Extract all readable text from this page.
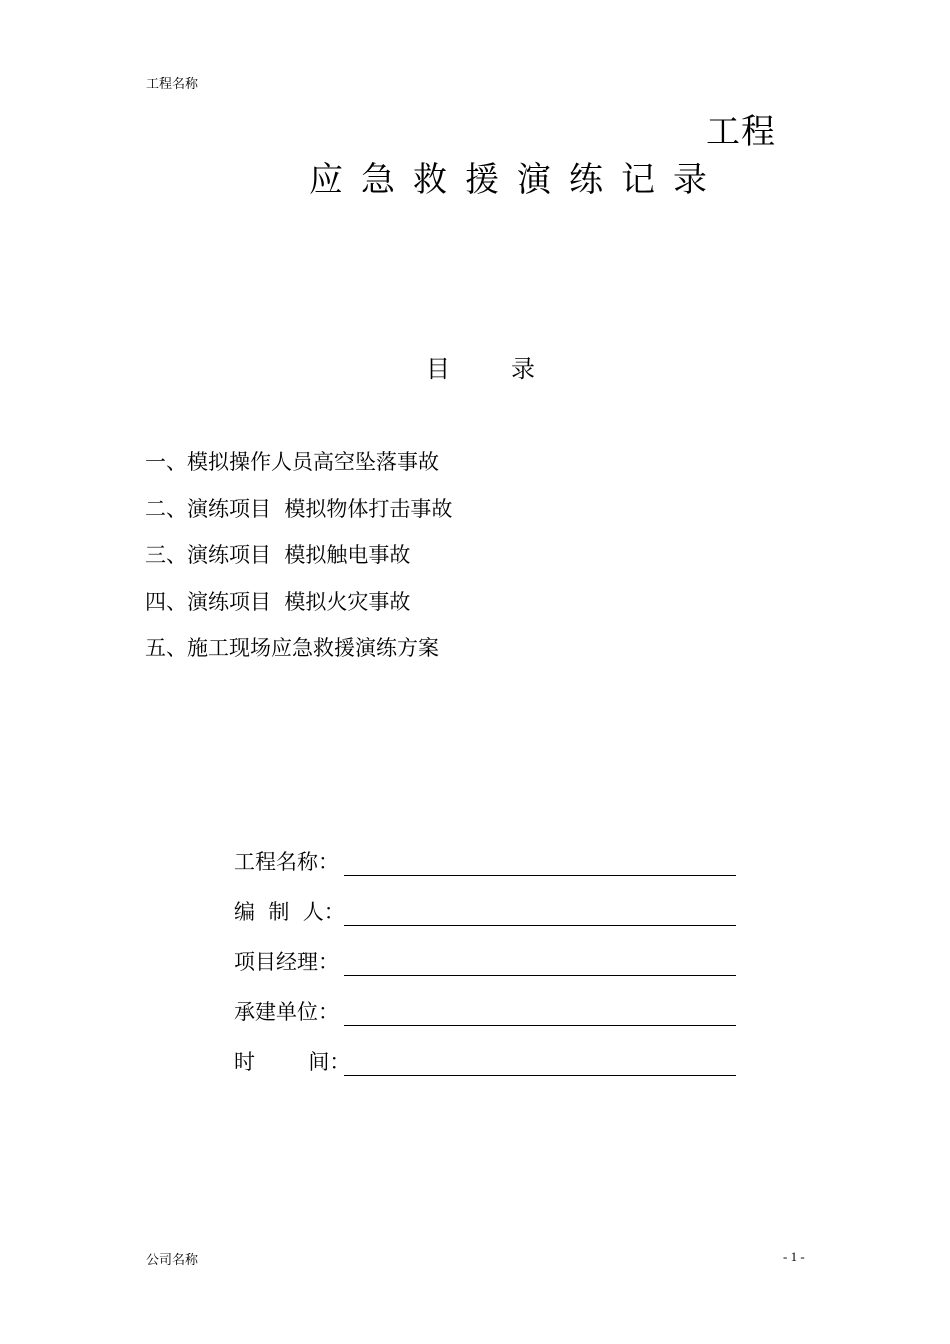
工程名称
工程
应急救援演练记录
目        录
一、模拟操作人员高空坠落事故
二、演练项目  模拟物体打击事故
三、演练项目  模拟触电事故
四、演练项目  模拟火灾事故
五、施工现场应急救援演练方案
工程名称：
编  制  人：
项目经理：
承建单位：
时        间：
公司名称	- 1 -
